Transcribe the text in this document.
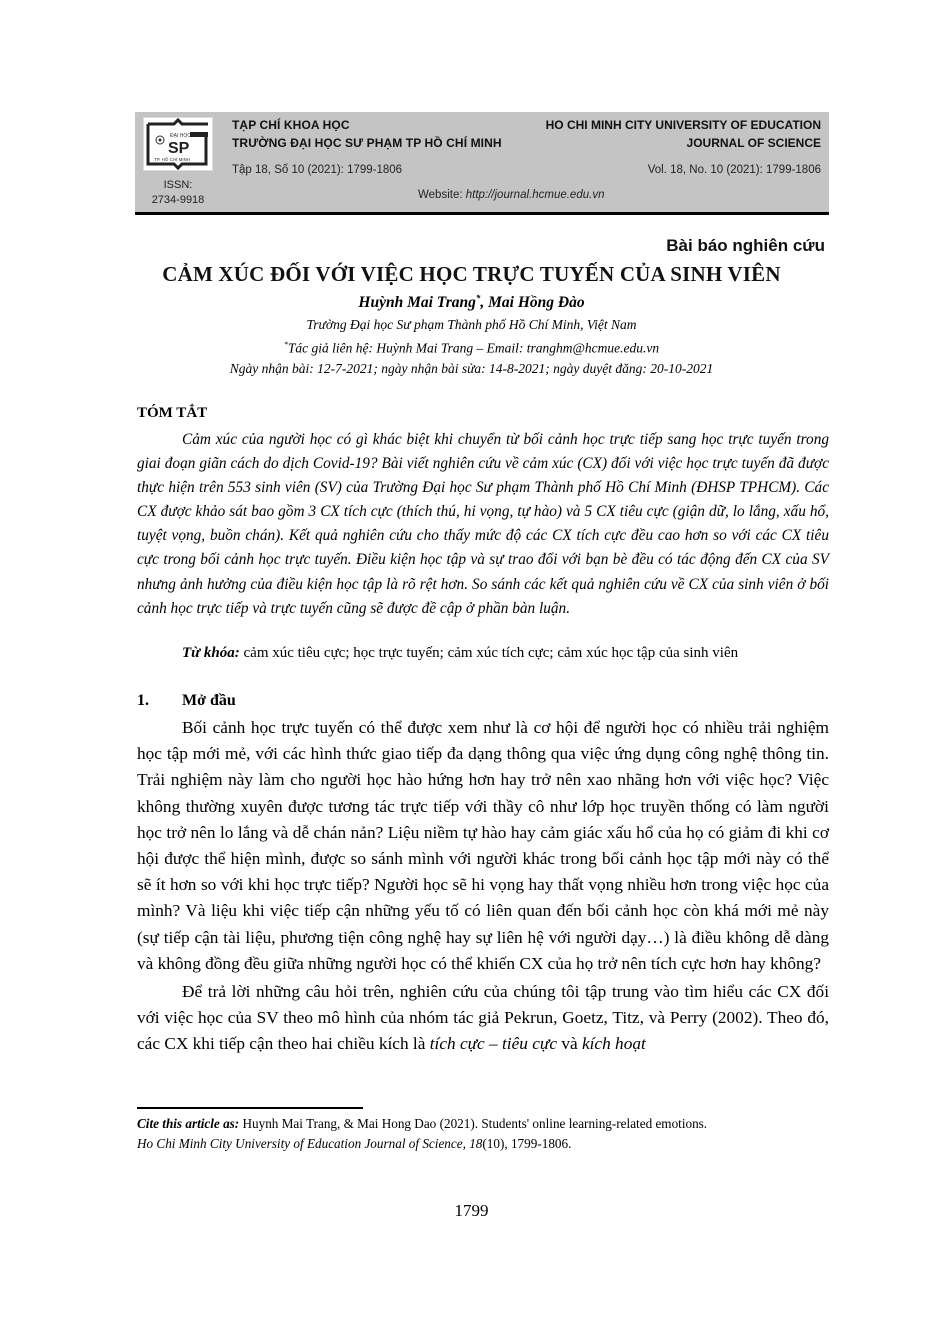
ĐẠI HỌC
SP
TP. HỒ CHÍ MINH
ISSN:
2734-9918
TẠP CHÍ KHOA HỌC
TRƯỜNG ĐẠI HỌC SƯ PHẠM TP HỒ CHÍ MINH
Tập 18, Số 10 (2021): 1799-1806
HO CHI MINH CITY UNIVERSITY OF EDUCATION
JOURNAL OF SCIENCE
Vol. 18, No. 10 (2021): 1799-1806
Website: http://journal.hcmue.edu.vn
Bài báo nghiên cứu
CẢM XÚC ĐỐI VỚI VIỆC HỌC TRỰC TUYẾN CỦA SINH VIÊN
Huỳnh Mai Trang*, Mai Hồng Đào
Trường Đại học Sư phạm Thành phố Hồ Chí Minh, Việt Nam
*Tác giả liên hệ: Huỳnh Mai Trang – Email: tranghm@hcmue.edu.vn
Ngày nhận bài: 12-7-2021; ngày nhận bài sửa: 14-8-2021; ngày duyệt đăng: 20-10-2021
TÓM TẮT

Cảm xúc của người học có gì khác biệt khi chuyển từ bối cảnh học trực tiếp sang học trực tuyến trong giai đoạn giãn cách do dịch Covid-19? Bài viết nghiên cứu về cảm xúc (CX) đối với việc học trực tuyến đã được thực hiện trên 553 sinh viên (SV) của Trường Đại học Sư phạm Thành phố Hồ Chí Minh (ĐHSP TPHCM). Các CX được khảo sát bao gồm 3 CX tích cực (thích thú, hi vọng, tự hào) và 5 CX tiêu cực (giận dữ, lo lắng, xấu hổ, tuyệt vọng, buồn chán). Kết quả nghiên cứu cho thấy mức độ các CX tích cực đều cao hơn so với các CX tiêu cực trong bối cảnh học trực tuyến. Điều kiện học tập và sự trao đổi với bạn bè đều có tác động đến CX của SV nhưng ảnh hưởng của điều kiện học tập là rõ rệt hơn. So sánh các kết quả nghiên cứu về CX của sinh viên ở bối cảnh học trực tiếp và trực tuyến cũng sẽ được đề cập ở phần bàn luận.

Từ khóa: cảm xúc tiêu cực; học trực tuyến; cảm xúc tích cực; cảm xúc học tập của sinh viên

1. Mở đầu

Bối cảnh học trực tuyến có thể được xem như là cơ hội để người học có nhiều trải nghiệm học tập mới mẻ, với các hình thức giao tiếp đa dạng thông qua việc ứng dụng công nghệ thông tin. Trải nghiệm này làm cho người học hào hứng hơn hay trở nên xao nhãng hơn với việc học? Việc không thường xuyên được tương tác trực tiếp với thầy cô như lớp học truyền thống có làm người học trở nên lo lắng và dễ chán nản? Liệu niềm tự hào hay cảm giác xấu hổ của họ có giảm đi khi cơ hội được thể hiện mình, được so sánh mình với người khác trong bối cảnh học tập mới này có thể sẽ ít hơn so với khi học trực tiếp? Người học sẽ hi vọng hay thất vọng nhiều hơn trong việc học của mình? Và liệu khi việc tiếp cận những yếu tố có liên quan đến bối cảnh học còn khá mới mẻ này (sự tiếp cận tài liệu, phương tiện công nghệ hay sự liên hệ với người dạy…) là điều không dễ dàng và không đồng đều giữa những người học có thể khiến CX của họ trở nên tích cực hơn hay không?

Để trả lời những câu hỏi trên, nghiên cứu của chúng tôi tập trung vào tìm hiểu các CX đối với việc học của SV theo mô hình của nhóm tác giả Pekrun, Goetz, Titz, và Perry (2002). Theo đó, các CX khi tiếp cận theo hai chiều kích là tích cực – tiêu cực và kích hoạt

Cite this article as: Huynh Mai Trang, & Mai Hong Dao (2021). Students' online learning-related emotions.
Ho Chi Minh City University of Education Journal of Science, 18(10), 1799-1806.

1799
